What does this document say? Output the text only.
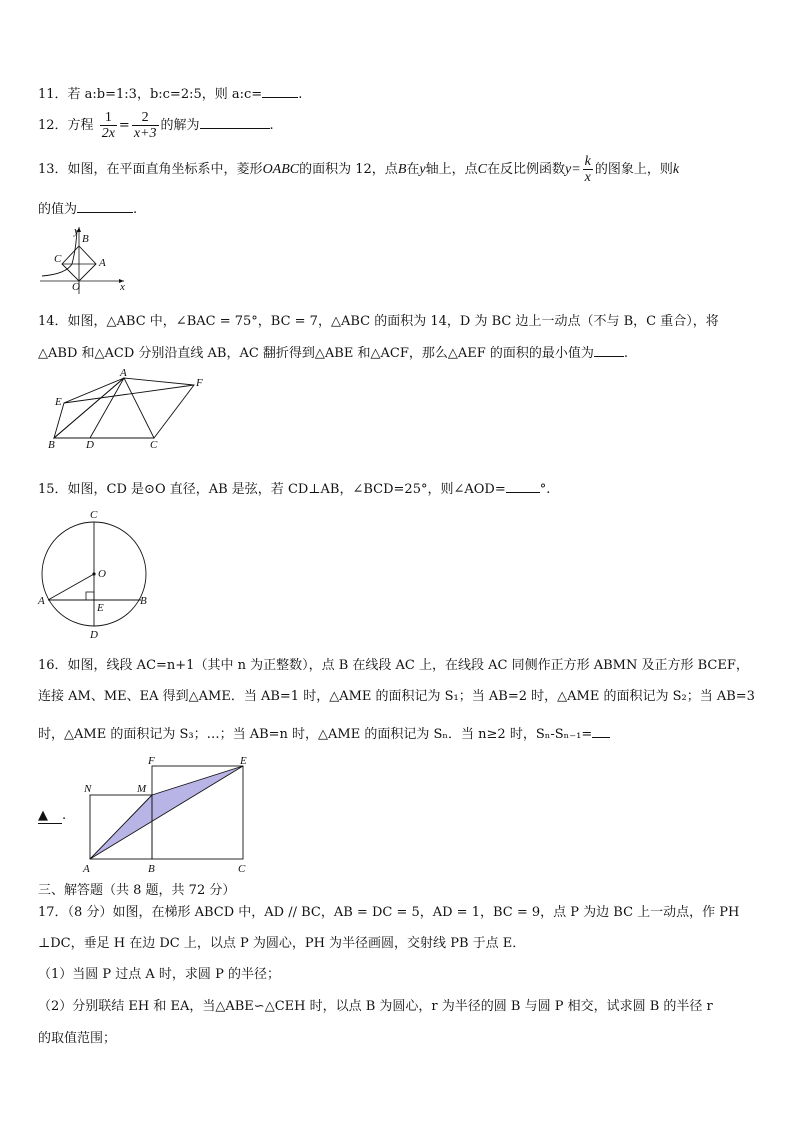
11．若 a:b=1:3，b:c=2:5，则 a:c=	.
12．方程 $\frac{1}{2x} = \frac{2}{x+3}$ 的解为	.
13．如图，在平面直角坐标系中，菱形OABC的面积为 12，点B在y轴上，点C在反比例函数$y= \frac{k}{x}$ 的图象上，则k
的值为	.
y
x
B
C	A
O
14．如图，△ABC 中，∠BAC = 75°，BC = 7，△ABC 的面积为 14，D 为 BC 边上一动点（不与 B，C 重合），将
△ABD 和△ACD 分别沿直线 AB，AC 翻折得到△ABE 和△ACF，那么△AEF 的面积的最小值为 .
A
E
F
B	D	C
15．如图，CD 是⊙O 直径，AB 是弦，若 CD⊥AB，∠BCD=25°，则∠AOD=	°.
C
O
A
E
B
D
16．如图，线段 AC=n+1（其中 n 为正整数），点 B 在线段 AC 上，在线段 AC 同侧作正方形 ABMN 及正方形 BCEF，
连接 AM、ME、EA 得到△AME．当 AB=1 时，△AME 的面积记为 S₁；当 AB=2 时，△AME 的面积记为 S₂；当 AB=3
时，△AME 的面积记为 S₃；…；当 AB=n 时，△AME 的面积记为 Sₙ．当 n≥2 时，Sₙ-Sₙ₋₁=
▲ .
F	E
N	M
A	B	C
三、解答题（共 8 题，共 72 分）
17．（8 分）如图，在梯形 ABCD 中，AD // BC，AB = DC = 5，AD = 1，BC = 9，点 P 为边 BC 上一动点，作 PH
⊥DC，垂足 H 在边 DC 上，以点 P 为圆心，PH 为半径画圆，交射线 PB 于点 E．
（1）当圆 P 过点 A 时，求圆 P 的半径；
（2）分别联结 EH 和 EA，当△ABE∽△CEH 时，以点 B 为圆心，r 为半径的圆 B 与圆 P 相交，试求圆 B 的半径 r
的取值范围；
